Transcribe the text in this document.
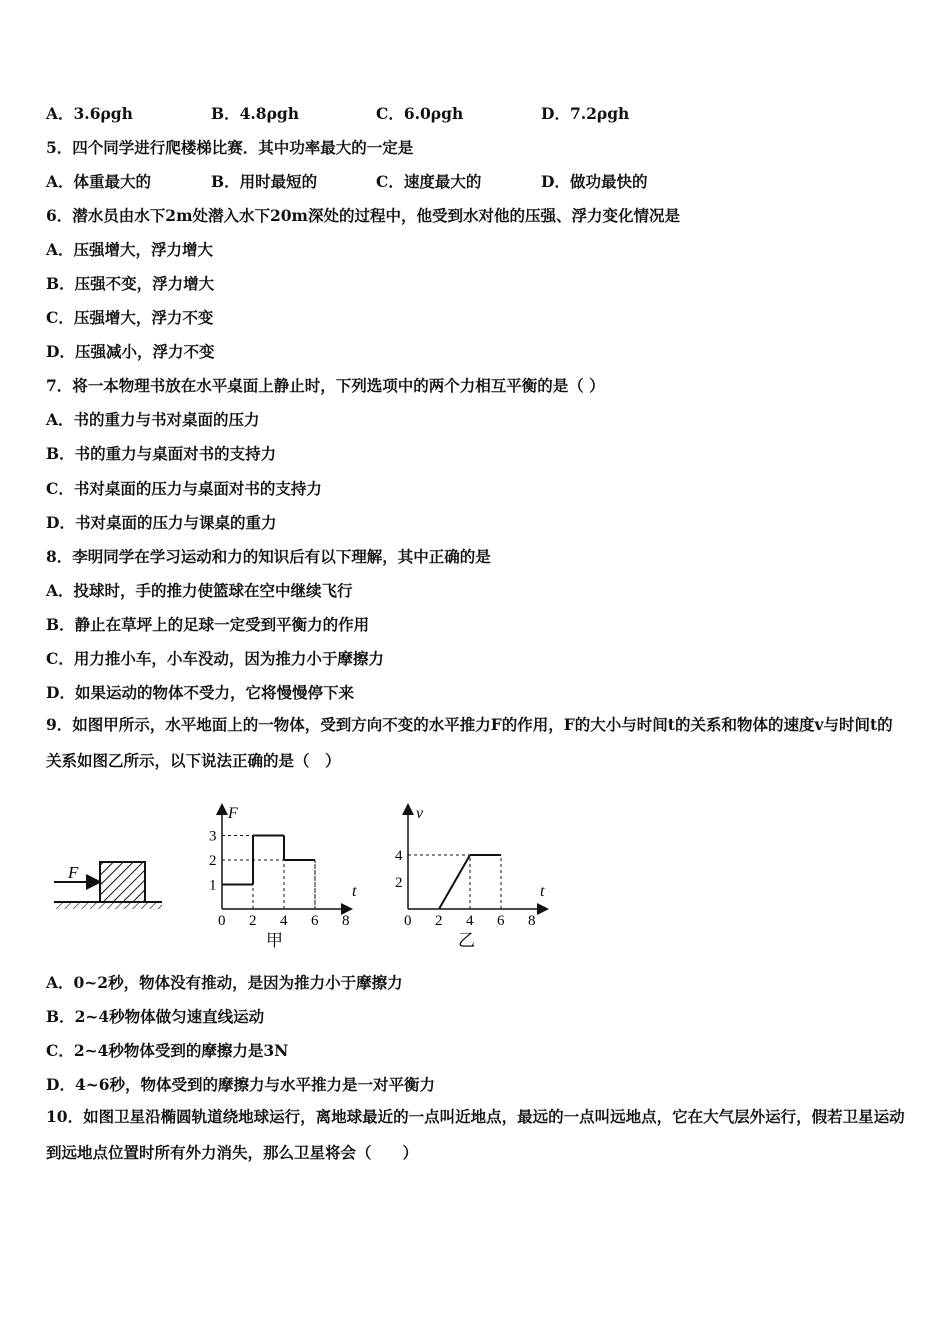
A．3.6ρgh	B．4.8ρgh	C．6.0ρgh	D．7.2ρgh
5．四个同学进行爬楼梯比赛．其中功率最大的一定是
A．体重最大的	B．用时最短的	C．速度最大的	D．做功最快的
6．潜水员由水下2m处潜入水下20m深处的过程中，他受到水对他的压强、浮力变化情况是
A．压强增大，浮力增大
B．压强不变，浮力增大
C．压强增大，浮力不变
D．压强减小，浮力不变
7．将一本物理书放在水平桌面上静止时，下列选项中的两个力相互平衡的是（ ）
A．书的重力与书对桌面的压力
B．书的重力与桌面对书的支持力
C．书对桌面的压力与桌面对书的支持力
D．书对桌面的压力与课桌的重力
8．李明同学在学习运动和力的知识后有以下理解，其中正确的是
A．投球时，手的推力使篮球在空中继续飞行
B．静止在草坪上的足球一定受到平衡力的作用
C．用力推小车，小车没动，因为推力小于摩擦力
D．如果运动的物体不受力，它将慢慢停下来
9．如图甲所示，水平地面上的一物体，受到方向不变的水平推力F的作用，F的大小与时间t的关系和物体的速度v与时间t的关系如图乙所示，以下说法正确的是（　）
F
F
t
甲
0 2 4 6 8
1
2
3
v
t
乙
0 2 4 6 8
2
4
A．0~2秒，物体没有推动，是因为推力小于摩擦力
B．2~4秒物体做匀速直线运动
C．2~4秒物体受到的摩擦力是3N
D．4~6秒，物体受到的摩擦力与水平推力是一对平衡力
10．如图卫星沿椭圆轨道绕地球运行，离地球最近的一点叫近地点，最远的一点叫远地点，它在大气层外运行，假若卫星运动到远地点位置时所有外力消失，那么卫星将会（　　）
